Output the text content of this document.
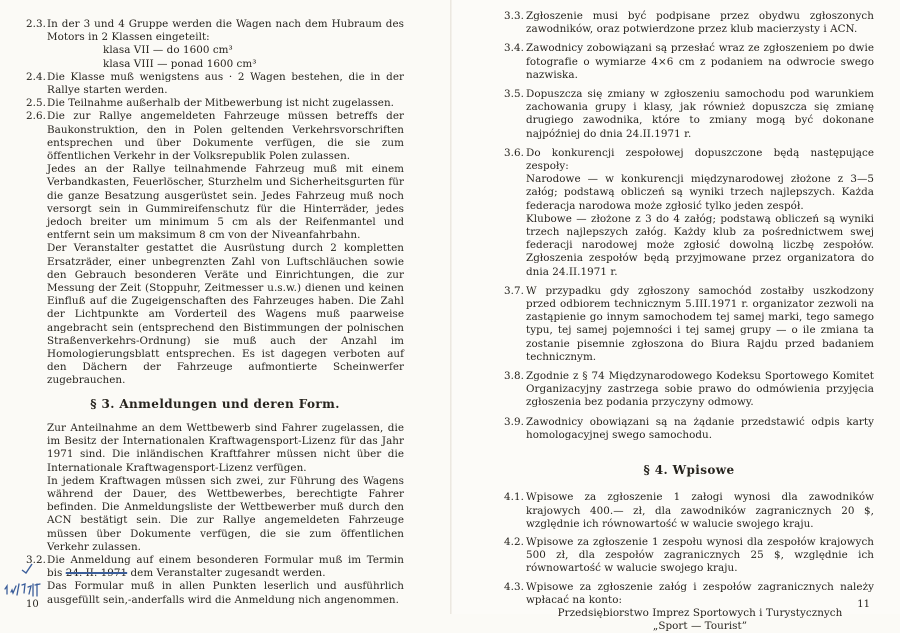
2.3. In der 3 und 4 Gruppe werden die Wagen nach dem Hubraum des Motors in 2 Klassen eingeteilt:

klasa VII — do 1600 cm³

klasa VIII — ponad 1600 cm³

2.4. Die Klasse muß wenigstens aus · 2 Wagen bestehen, die in der Rallye starten werden.

2.5. Die Teilnahme außerhalb der Mitbewerbung ist nicht zugelassen.

2.6. Die zur Rallye angemeldeten Fahrzeuge müssen betreffs der Baukonstruktion, den in Polen geltenden Verkehrsvorschriften entsprechen und über Dokumente verfügen, die sie zum öffentlichen Verkehr in der Volksrepublik Polen zulassen.

Jedes an der Rallye teilnahmende Fahrzeug muß mit einem Verbandkasten, Feuerlöscher, Sturzhelm und Sicherheitsgurten für die ganze Besatzung ausgerüstet sein. Jedes Fahrzeug muß noch versorgt sein in Gummireifenschutz für die Hinterräder, jedes jedoch breiter um minimum 5 cm als der Reifenmantel und entfernt sein um maksimum 8 cm von der Niveanfahrbahn.

Der Veranstalter gestattet die Ausrüstung durch 2 kompletten Ersatzräder, einer unbegrenzten Zahl von Luftschläuchen sowie den Gebrauch besonderen Veräte und Einrichtungen, die zur Messung der Zeit (Stoppuhr, Zeitmesser u.s.w.) dienen und keinen Einfluß auf die Zugeigenschaften des Fahrzeuges haben. Die Zahl der Lichtpunkte am Vorderteil des Wagens muß paarweise angebracht sein (entsprechend den Bistimmungen der polnischen Straßenverkehrs-Ordnung) sie muß auch der Anzahl im Homologierungsblatt entsprechen. Es ist dagegen verboten auf den Dächern der Fahrzeuge aufmontierte Scheinwerfer zugebrauchen.

§ 3. Anmeldungen und deren Form.

Zur Anteilnahme an dem Wettbewerb sind Fahrer zugelassen, die im Besitz der Internationalen Kraftwagensport-Lizenz für das Jahr 1971 sind. Die inländischen Kraftfahrer müssen nicht über die Internationale Kraftwagensport-Lizenz verfügen.

In jedem Kraftwagen müssen sich zwei, zur Führung des Wagens während der Dauer, des Wettbewerbes, berechtigte Fahrer befinden. Die Anmeldungsliste der Wettbewerber muß durch den ACN bestätigt sein. Die zur Rallye angemeldeten Fahrzeuge müssen über Dokumente verfügen, die sie zum öffentlichen Verkehr zulassen.

3.2. Die Anmeldung auf einem besonderen Formular muß im Termin bis 24. II. 1971 dem Veranstalter zugesandt werden.

Das Formular muß in allen Punkten leserlich und ausführlich ausgefüllt sein,-anderfalls wird die Anmeldung nich angenommen.

10
3.3. Zgłoszenie musi być podpisane przez obydwu zgłoszonych zawodników, oraz potwierdzone przez klub macierzysty i ACN.

3.4. Zawodnicy zobowiązani są przesłać wraz ze zgłoszeniem po dwie fotografie o wymiarze 4×6 cm z podaniem na odwrocie swego nazwiska.

3.5. Dopuszcza się zmiany w zgłoszeniu samochodu pod warunkiem zachowania grupy i klasy, jak również dopuszcza się zmianę drugiego zawodnika, które to zmiany mogą być dokonane najpóźniej do dnia 24.II.1971 r.

3.6. Do konkurencji zespołowej dopuszczone będą następujące zespoły:

Narodowe — w konkurencji międzynarodowej złożone z 3—5 załóg; podstawą obliczeń są wyniki trzech najlepszych. Każda federacja narodowa może zgłosić tylko jeden zespół.

Klubowe — złożone z 3 do 4 załóg; podstawą obliczeń są wyniki trzech najlepszych załóg. Każdy klub za pośrednictwem swej federacji narodowej może zgłosić dowolną liczbę zespołów. Zgłoszenia zespołów będą przyjmowane przez organizatora do dnia 24.II.1971 r.

3.7. W przypadku gdy zgłoszony samochód zostałby uszkodzony przed odbiorem technicznym 5.III.1971 r. organizator zezwoli na zastąpienie go innym samochodem tej samej marki, tego samego typu, tej samej pojemności i tej samej grupy — o ile zmiana ta zostanie pisemnie zgłoszona do Biura Rajdu przed badaniem technicznym.

3.8. Zgodnie z § 74 Międzynarodowego Kodeksu Sportowego Komitet Organizacyjny zastrzega sobie prawo do odmówienia przyjęcia zgłoszenia bez podania przyczyny odmowy.

3.9. Zawodnicy obowiązani są na żądanie przedstawić odpis karty homologacyjnej swego samochodu.

§ 4. Wpisowe

4.1. Wpisowe za zgłoszenie 1 załogi wynosi dla zawodników krajowych 400.— zł, dla zawodników zagranicznych 20 $, względnie ich równowartość w walucie swojego kraju.

4.2. Wpisowe za zgłoszenie 1 zespołu wynosi dla zespołów krajowych 500 zł, dla zespołów zagranicznych 25 $, względnie ich równowartość w walucie swojego kraju.

4.3. Wpisowe za zgłoszenie załóg i zespołów zagranicznych należy wpłacać na konto:

Przedsiębiorstwo Imprez Sportowych i Turystycznych

„Sport — Tourist”

11
